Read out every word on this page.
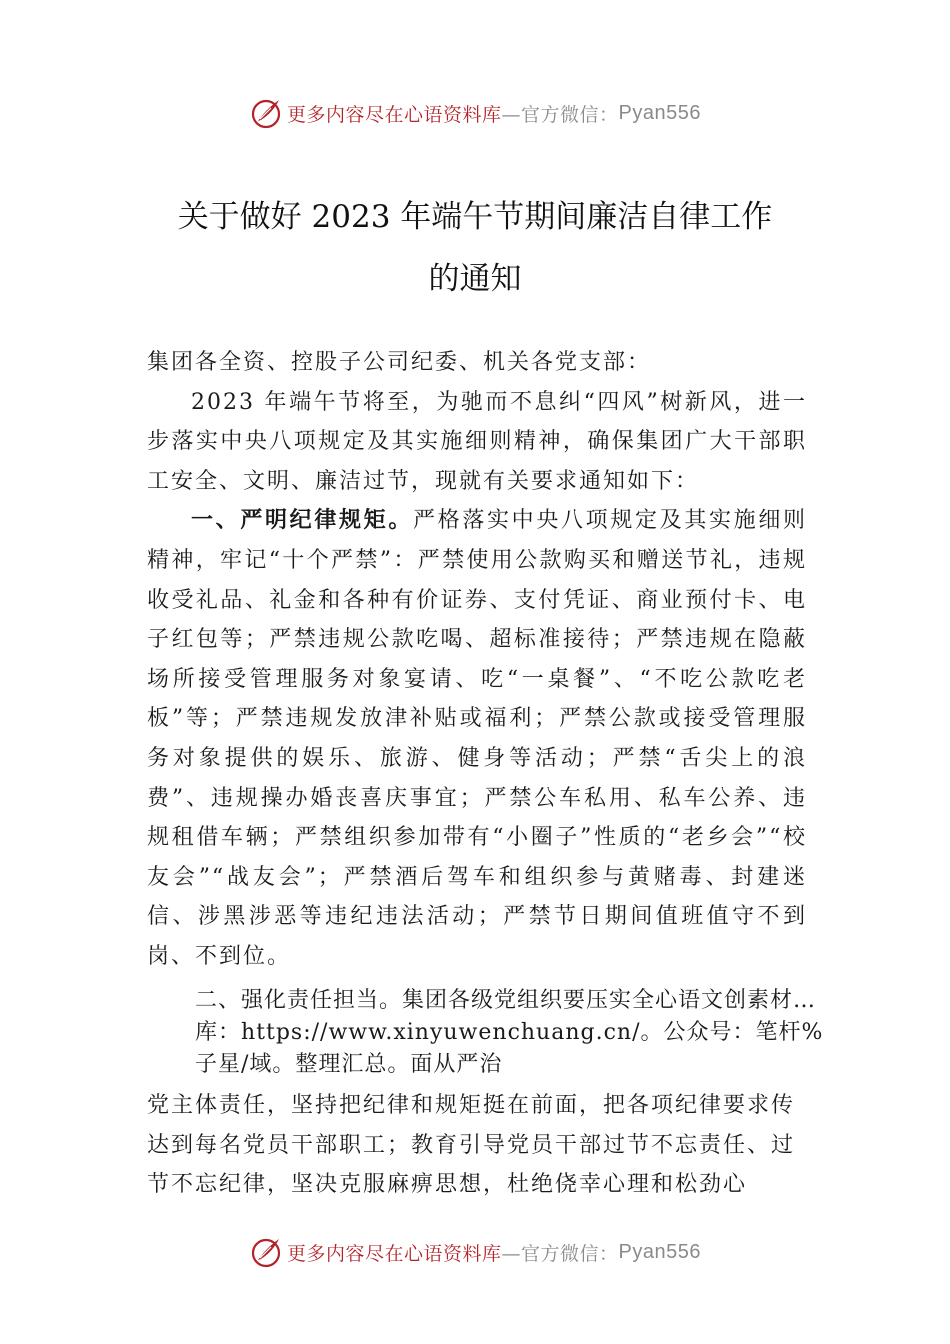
更多内容尽在心语资料库 —官方微信： Pyan556
关于做好 2023 年端午节期间廉洁自律工作
的通知

集团各全资、控股子公司纪委、机关各党支部：

2023 年端午节将至，为驰而不息纠“四风”树新风，进一步落实中央八项规定及其实施细则精神，确保集团广大干部职工安全、文明、廉洁过节，现就有关要求通知如下：

一、严明纪律规矩。严格落实中央八项规定及其实施细则精神，牢记“十个严禁”：严禁使用公款购买和赠送节礼，违规收受礼品、礼金和各种有价证券、支付凭证、商业预付卡、电子红包等；严禁违规公款吃喝、超标准接待；严禁违规在隐蔽场所接受管理服务对象宴请、吃“一桌餐”、“不吃公款吃老板”等；严禁违规发放津补贴或福利；严禁公款或接受管理服务对象提供的娱乐、旅游、健身等活动；严禁“舌尖上的浪费”、违规操办婚丧喜庆事宜；严禁公车私用、私车公养、违规租借车辆；严禁组织参加带有“小圈子”性质的“老乡会”“校友会”“战友会”；严禁酒后驾车和组织参与黄赌毒、封建迷信、涉黑涉恶等违纪违法活动；严禁节日期间值班值守不到岗、不到位。

二、强化责任担当。集团各级党组织要压实全心语文创素材…库：https://www.xinyuwenchuang.cn/。公众号：笔杆%子星/域。整理汇总。面从严治

党主体责任，坚持把纪律和规矩挺在前面，把各项纪律要求传达到每名党员干部职工；教育引导党员干部过节不忘责任、过节不忘纪律，坚决克服麻痹思想，杜绝侥幸心理和松劲心

更多内容尽在心语资料库 —官方微信： Pyan556
